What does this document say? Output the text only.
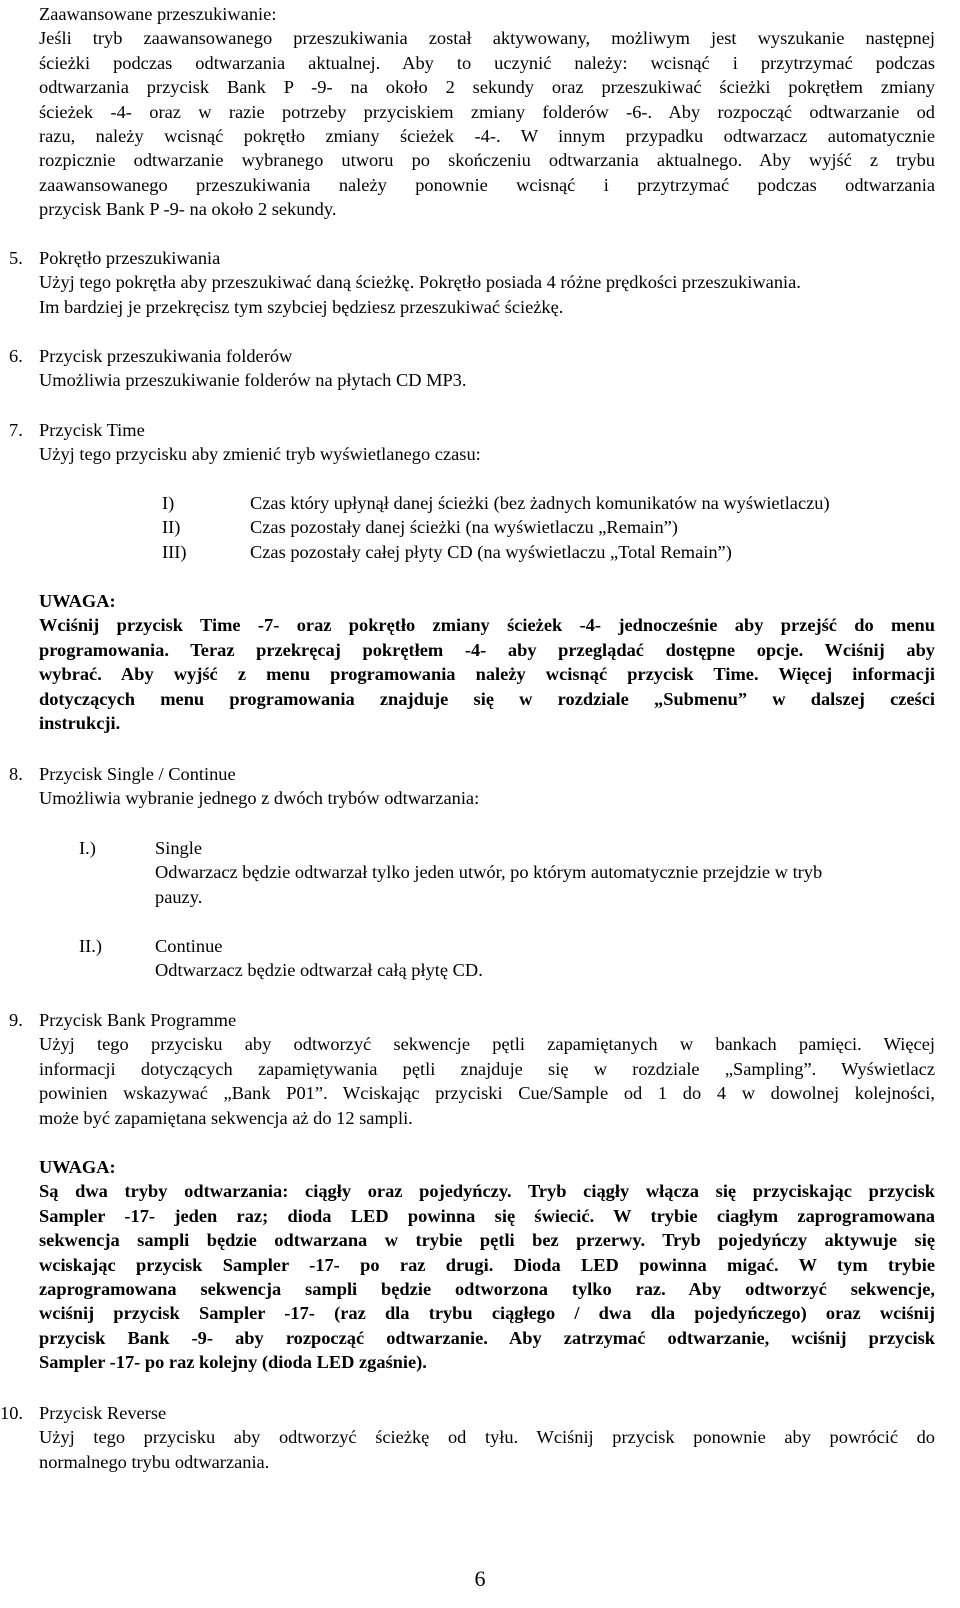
Zaawansowane przeszukiwanie:
Jeśli tryb zaawansowanego przeszukiwania został aktywowany, możliwym jest wyszukanie następnej
ścieżki podczas odtwarzania aktualnej. Aby to uczynić należy: wcisnąć i przytrzymać podczas
odtwarzania przycisk Bank P -9- na około 2 sekundy oraz przeszukiwać ścieżki pokrętłem zmiany
ścieżek -4- oraz w razie potrzeby przyciskiem zmiany folderów -6-. Aby rozpocząć odtwarzanie od
razu, należy wcisnąć pokrętło zmiany ścieżek -4-. W innym przypadku odtwarzacz automatycznie
rozpicznie odtwarzanie wybranego utworu po skończeniu odtwarzania aktualnego. Aby wyjść z trybu
zaawansowanego przeszukiwania należy ponownie wcisnąć i przytrzymać podczas odtwarzania
przycisk Bank P -9- na około 2 sekundy.
5. Pokrętło przeszukiwania
Użyj tego pokrętła aby przeszukiwać daną ścieżkę. Pokrętło posiada 4 różne prędkości przeszukiwania.
Im bardziej je przekręcisz tym szybciej będziesz przeszukiwać ścieżkę.
6. Przycisk przeszukiwania folderów
Umożliwia przeszukiwanie folderów na płytach CD MP3.
7. Przycisk Time
Użyj tego przycisku aby zmienić tryb wyświetlanego czasu:
I)	Czas który upłynął danej ścieżki (bez żadnych komunikatów na wyświetlaczu)

II)	Czas pozostały danej ścieżki (na wyświetlaczu „Remain”)

III)	Czas pozostały całej płyty CD (na wyświetlaczu „Total Remain”)

UWAGA:
Wciśnij przycisk Time -7- oraz pokrętło zmiany ścieżek -4- jednocześnie aby przejść do menu
programowania. Teraz przekręcaj pokrętłem -4- aby przeglądać dostępne opcje. Wciśnij aby
wybrać. Aby wyjść z menu programowania należy wcisnąć przycisk Time. Więcej informacji
dotyczących menu programowania znajduje się w rozdziale „Submenu” w dalszej cześci
instrukcji.
8. Przycisk Single / Continue
Umożliwia wybranie jednego z dwóch trybów odtwarzania:
I.)	Single
Odwarzacz będzie odtwarzał tylko jeden utwór, po którym automatycznie przejdzie w tryb
pauzy.
II.)	Continue
Odtwarzacz będzie odtwarzał całą płytę CD.
9. Przycisk Bank Programme
Użyj tego przycisku aby odtworzyć sekwencje pętli zapamiętanych w bankach pamięci. Więcej
informacji dotyczących zapamiętywania pętli znajduje się w rozdziale „Sampling”. Wyświetlacz
powinien wskazywać „Bank P01”. Wciskając przyciski Cue/Sample od 1 do 4 w dowolnej kolejności,
może być zapamiętana sekwencja aż do 12 sampli.
UWAGA:
Są dwa tryby odtwarzania: ciągły oraz pojedyńczy. Tryb ciągły włącza się przyciskając przycisk
Sampler -17- jeden raz; dioda LED powinna się świecić. W trybie ciagłym zaprogramowana
sekwencja sampli będzie odtwarzana w trybie pętli bez przerwy. Tryb pojedyńczy aktywuje się
wciskając przycisk Sampler -17- po raz drugi. Dioda LED powinna migać. W tym trybie
zaprogramowana sekwencja sampli będzie odtworzona tylko raz. Aby odtworzyć sekwencje,
wciśnij przycisk Sampler -17- (raz dla trybu ciągłego / dwa dla pojedyńczego) oraz wciśnij
przycisk Bank -9- aby rozpocząć odtwarzanie. Aby zatrzymać odtwarzanie, wciśnij przycisk
Sampler -17- po raz kolejny (dioda LED zgaśnie).
10. Przycisk Reverse
Użyj tego przycisku aby odtworzyć ścieżkę od tyłu. Wciśnij przycisk ponownie aby powrócić do
normalnego trybu odtwarzania.
6
